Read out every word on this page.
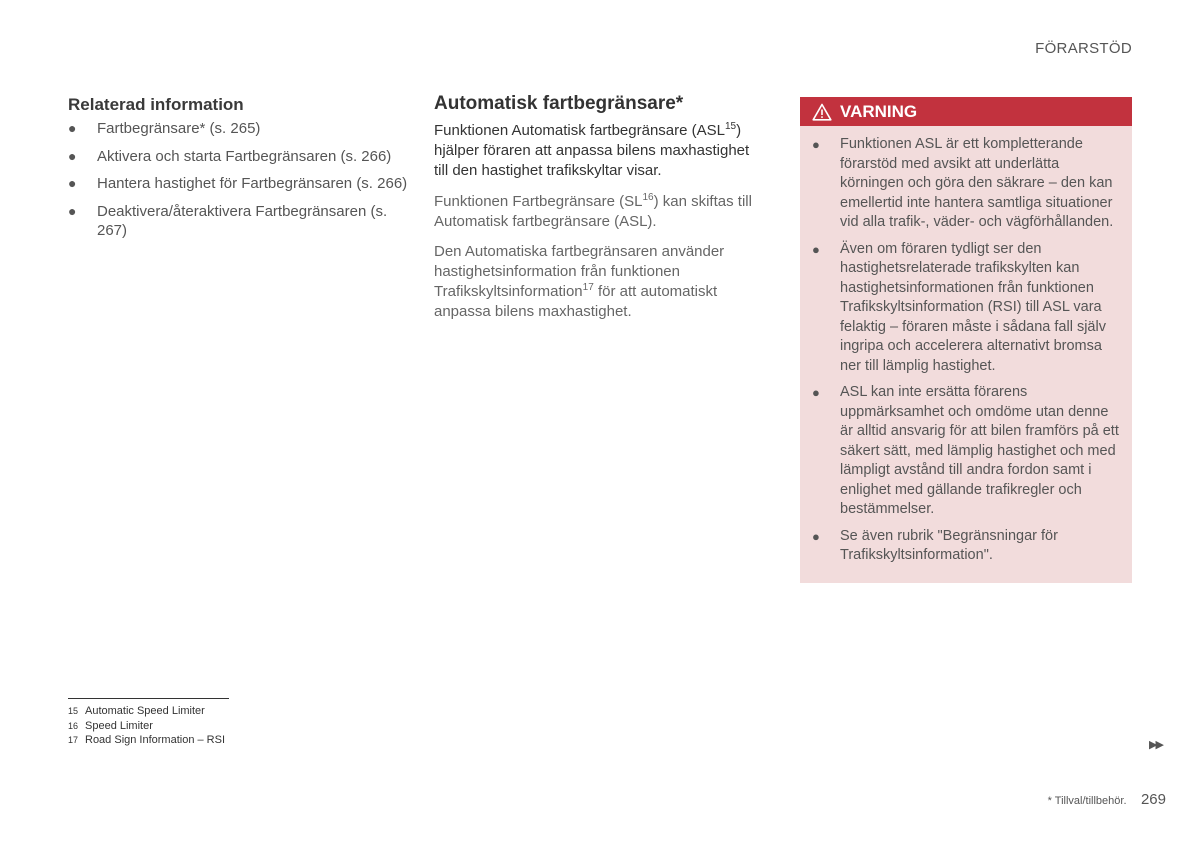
FÖRARSTÖD
Relaterad information
● Fartbegränsare* (s. 265)
● Aktivera och starta Fartbegränsaren (s. 266)
● Hantera hastighet för Fartbegränsaren (s. 266)
● Deaktivera/återaktivera Fartbegränsaren (s. 267)
Automatisk fartbegränsare*

Funktionen Automatisk fartbegränsare (ASL$^{15}$) hjälper föraren att anpassa bilens maxhastighet till den hastighet trafikskyltar visar.

Funktionen Fartbegränsare (SL$^{16}$) kan skiftas till Automatisk fartbegränsare (ASL).

Den Automatiska fartbegränsaren använder hastighetsinformation från funktionen Trafikskyltsinformation$^{17}$ för att automatiskt anpassa bilens maxhastighet.

VARNING
● Funktionen ASL är ett kompletterande förarstöd med avsikt att underlätta körningen och göra den säkrare – den kan emellertid inte hantera samtliga situationer vid alla trafik-, väder- och vägförhållanden.
● Även om föraren tydligt ser den hastighetsrelaterade trafikskylten kan hastighetsinformationen från funktionen Trafikskyltsinformation (RSI) till ASL vara felaktig – föraren måste i sådana fall själv ingripa och accelerera alternativt bromsa ner till lämplig hastighet.
● ASL kan inte ersätta förarens uppmärksamhet och omdöme utan denne är alltid ansvarig för att bilen framförs på ett säkert sätt, med lämplig hastighet och med lämpligt avstånd till andra fordon samt i enlighet med gällande trafikregler och bestämmelser.
● Se även rubrik "Begränsningar för Trafikskyltsinformation".
15 Automatic Speed Limiter
16 Speed Limiter
17 Road Sign Information – RSI	▶▶
* Tillval/tillbehör. 269
